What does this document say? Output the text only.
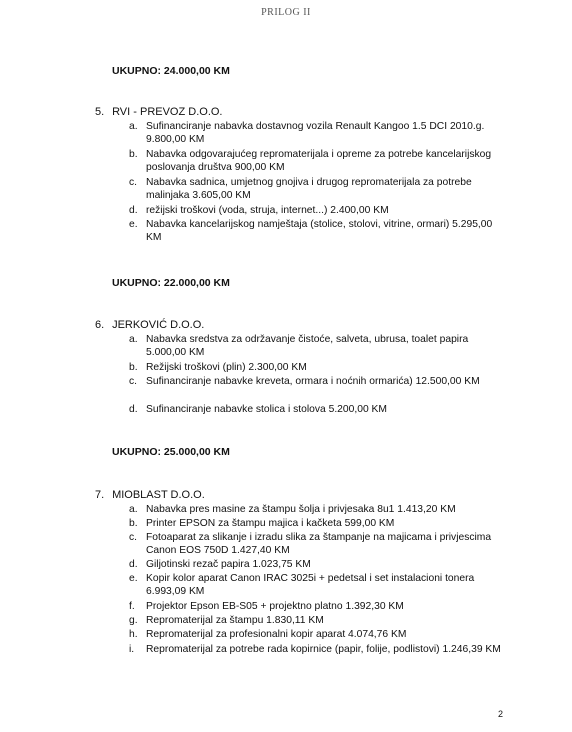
PRILOG II
UKUPNO: 24.000,00 KM
5. RVI - PREVOZ D.O.O.
a. Sufinanciranje nabavka dostavnog vozila Renault Kangoo 1.5 DCI 2010.g. 9.800,00 KM
b. Nabavka odgovarajućeg repromaterijala i opreme za potrebe kancelarijskog poslovanja društva 900,00 KM
c. Nabavka sadnica, umjetnog gnojiva i drugog repromaterijala za potrebe malinjaka 3.605,00 KM
d. režijski troškovi (voda, struja, internet...) 2.400,00 KM
e. Nabavka kancelarijskog namještaja (stolice, stolovi, vitrine, ormari) 5.295,00 KM
UKUPNO: 22.000,00 KM
6. JERKOVIĆ D.O.O.
a. Nabavka sredstva za održavanje čistoće, salveta, ubrusa, toalet papira 5.000,00 KM
b. Režijski troškovi (plin) 2.300,00 KM
c. Sufinanciranje nabavke kreveta, ormara i noćnih ormarića) 12.500,00 KM
d. Sufinanciranje nabavke stolica i stolova 5.200,00 KM
UKUPNO: 25.000,00 KM
7. MIOBLAST D.O.O.
a. Nabavka pres masine za štampu šolja i privjesaka 8u1 1.413,20 KM
b. Printer EPSON za štampu majica i kačketa 599,00 KM
c. Fotoaparat za slikanje i izradu slika za štampanje na majicama i privjescima Canon EOS 750D 1.427,40 KM
d. Giljotinski rezač papira 1.023,75 KM
e. Kopir kolor aparat Canon IRAC 3025i + pedetsal i set instalacioni tonera 6.993,09 KM
f.	Projektor Epson EB-S05 + projektno platno 1.392,30 KM
g. Repromaterijal za štampu 1.830,11 KM
h. Repromaterijal za profesionalni kopir aparat 4.074,76 KM
i.	Repromaterijal za potrebe rada kopirnice (papir, folije, podlistovi) 1.246,39 KM
2
